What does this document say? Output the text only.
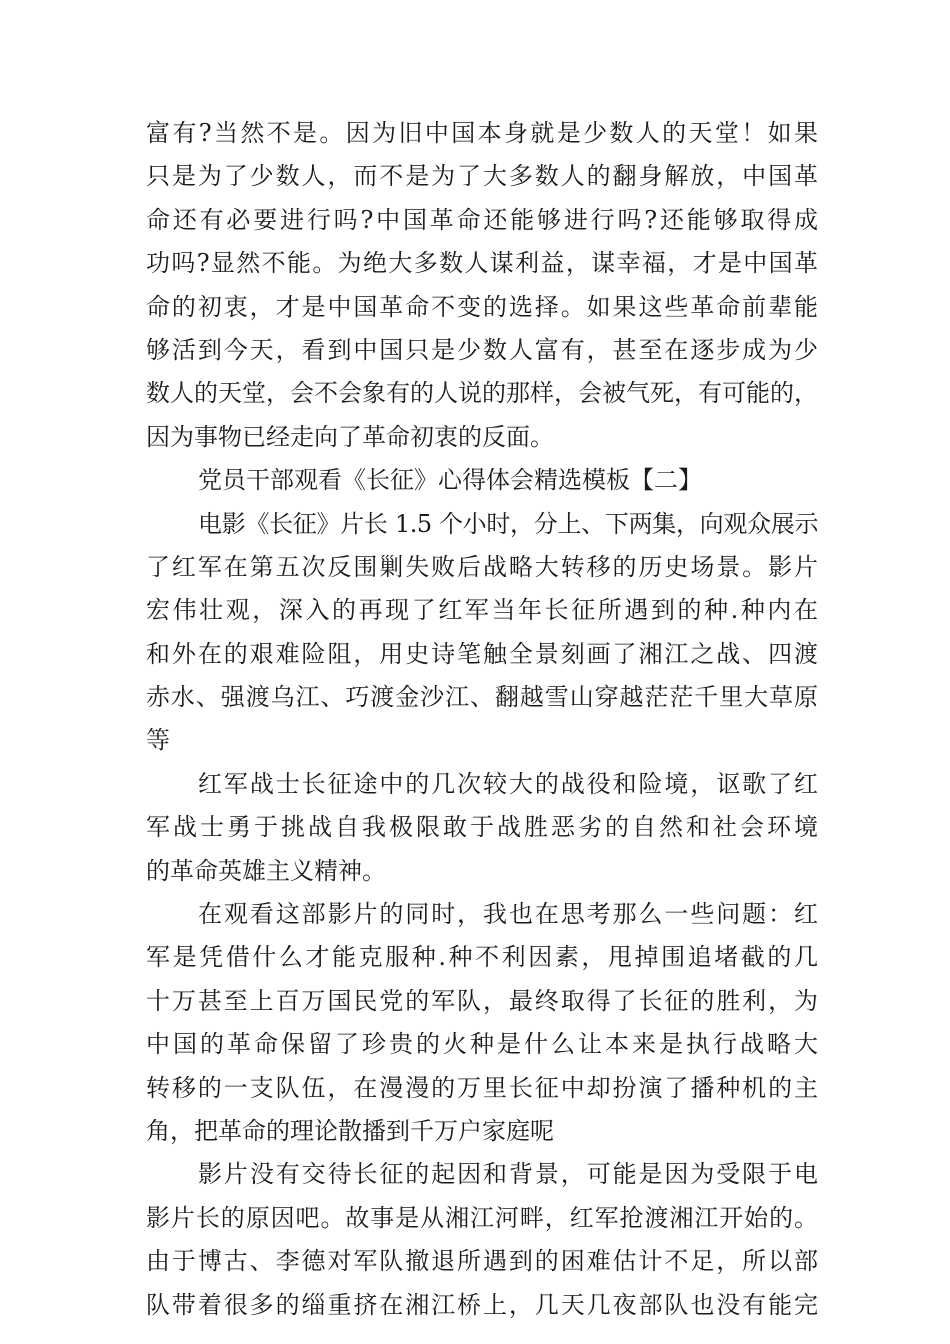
富有?当然不是。因为旧中国本身就是少数人的天堂！如果
只是为了少数人，而不是为了大多数人的翻身解放，中国革
命还有必要进行吗?中国革命还能够进行吗?还能够取得成
功吗?显然不能。为绝大多数人谋利益，谋幸福，才是中国革
命的初衷，才是中国革命不变的选择。如果这些革命前辈能
够活到今天，看到中国只是少数人富有，甚至在逐步成为少
数人的天堂，会不会象有的人说的那样，会被气死，有可能的，
因为事物已经走向了革命初衷的反面。
党员干部观看《长征》心得体会精选模板【二】
电影《长征》片长 1.5 个小时，分上、下两集，向观众展示
了红军在第五次反围剿失败后战略大转移的历史场景。影片
宏伟壮观，深入的再现了红军当年长征所遇到的种.种内在
和外在的艰难险阻，用史诗笔触全景刻画了湘江之战、四渡
赤水、强渡乌江、巧渡金沙江、翻越雪山穿越茫茫千里大草原
等
红军战士长征途中的几次较大的战役和险境，讴歌了红
军战士勇于挑战自我极限敢于战胜恶劣的自然和社会环境
的革命英雄主义精神。
在观看这部影片的同时，我也在思考那么一些问题：红
军是凭借什么才能克服种.种不利因素，甩掉围追堵截的几
十万甚至上百万国民党的军队，最终取得了长征的胜利，为
中国的革命保留了珍贵的火种是什么让本来是执行战略大
转移的一支队伍，在漫漫的万里长征中却扮演了播种机的主
角，把革命的理论散播到千万户家庭呢
影片没有交待长征的起因和背景，可能是因为受限于电
影片长的原因吧。故事是从湘江河畔，红军抢渡湘江开始的。
由于博古、李德对军队撤退所遇到的困难估计不足，所以部
队带着很多的缁重挤在湘江桥上，几天几夜部队也没有能完
